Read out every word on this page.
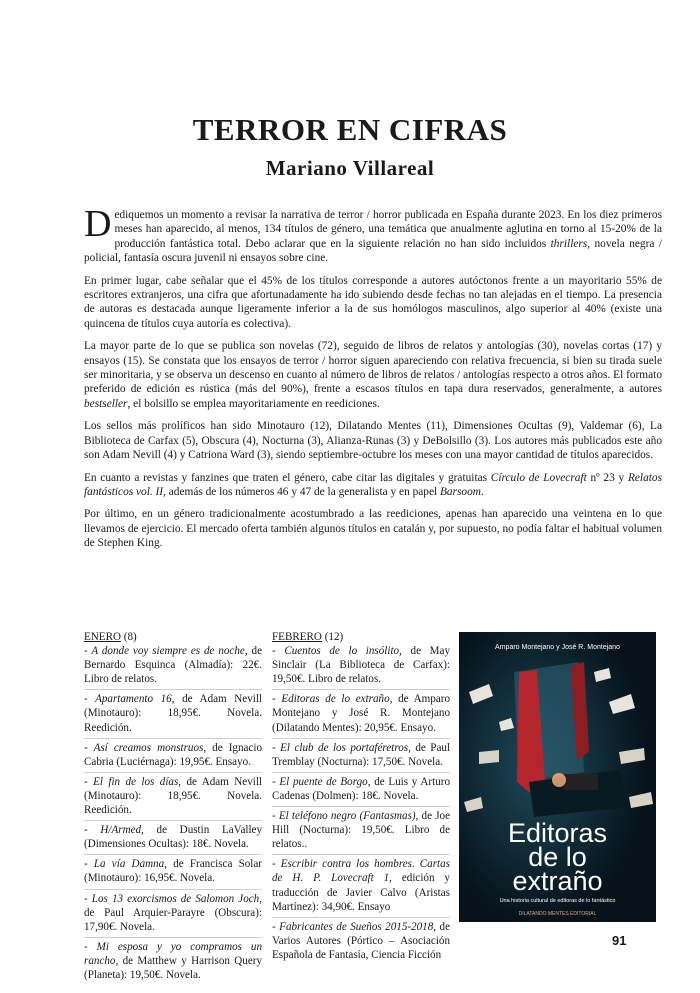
TERROR EN CIFRAS
Mariano Villareal

D ediquemos un momento a revisar la narrativa de terror / horror publicada en España durante 2023. En los diez primeros meses han aparecido, al menos, 134 títulos de género, una temática que anualmente aglutina en torno al 15-20% de la producción fantástica total. Debo aclarar que en la siguiente relación no han sido incluidos thrillers, novela negra / policial, fantasía oscura juvenil ni ensayos sobre cine.

En primer lugar, cabe señalar que el 45% de los títulos corresponde a autores autóctonos frente a un mayoritario 55% de escritores extranjeros, una cifra que afortunadamente ha ido subiendo desde fechas no tan alejadas en el tiempo. La presencia de autoras es destacada aunque ligeramente inferior a la de sus homólogos masculinos, algo superior al 40% (existe una quincena de títulos cuya autoría es colectiva).

La mayor parte de lo que se publica son novelas (72), seguido de libros de relatos y antologías (30), novelas cortas (17) y ensayos (15). Se constata que los ensayos de terror / horror siguen apareciendo con relativa frecuencia, si bien su tirada suele ser minoritaria, y se observa un descenso en cuanto al número de libros de relatos / antologías respecto a otros años. El formato preferido de edición es rústica (más del 90%), frente a escasos títulos en tapa dura reservados, generalmente, a autores bestseller, el bolsillo se emplea mayoritariamente en reediciones.

Los sellos más prolíficos han sido Minotauro (12), Dilatando Mentes (11), Dimensiones Ocultas (9), Valdemar (6), La Biblioteca de Carfax (5), Obscura (4), Nocturna (3), Alianza-Runas (3) y DeBolsillo (3). Los autores más publicados este año son Adam Nevill (4) y Catriona Ward (3), siendo septiembre-octubre los meses con una mayor cantidad de títulos aparecidos.

En cuanto a revistas y fanzines que traten el género, cabe citar las digitales y gratuitas Círculo de Lovecraft nº 23 y Relatos fantásticos vol. II, además de los números 46 y 47 de la generalista y en papel Barsoom.

Por último, en un género tradicionalmente acostumbrado a las reediciones, apenas han aparecido una veintena en lo que llevamos de ejercicio. El mercado oferta también algunos títulos en catalán y, por supuesto, no podía faltar el habitual volumen de Stephen King.

ENERO (8)
- A donde voy siempre es de noche, de Bernardo Esquinca (Almadía): 22€. Libro de relatos.
- Apartamento 16, de Adam Nevill (Minotauro): 18,95€. Novela. Reedición.
- Así creamos monstruos, de Ignacio Cabria (Luciérnaga): 19,95€. Ensayo.
- El fin de los días, de Adam Nevill (Minotauro): 18,95€. Novela. Reedición.
- H/Armed, de Dustin LaValley (Dimensiones Ocultas): 18€. Novela.
- La vía Damna, de Francisca Solar (Minotauro): 16,95€. Novela.
- Los 13 exorcismos de Salomon Joch, de Paul Arquier-Parayre (Obscura): 17,90€. Novela.
- Mi esposa y yo compramos un rancho, de Matthew y Harrison Query (Planeta): 19,50€. Novela.
FEBRERO (12)
- Cuentos de lo insólito, de May Sinclair (La Biblioteca de Carfax): 19,50€. Libro de relatos.
- Editoras de lo extraño, de Amparo Montejano y José R. Montejano (Dilatando Mentes): 20,95€. Ensayo.
- El club de los portaféretros, de Paul Tremblay (Nocturna): 17,50€. Novela.
- El puente de Borgo, de Luis y Arturo Cadenas (Dolmen): 18€. Novela.
- El teléfono negro (Fantasmas), de Joe Hill (Nocturna): 19,50€. Libro de relatos..
- Escribir contra los hombres. Cartas de H. P. Lovecraft 1, edición y traducción de Javier Calvo (Aristas Martínez): 34,90€. Ensayo
- Fabricantes de Sueños 2015-2018, de Varios Autores (Pórtico – Asociación Española de Fantasía, Ciencia Ficción
Amparo Montejano y José R. Montejano
Editoras
de lo
extraño
Una historia cultural de editoras de lo fantástico
DILATANDO MENTES EDITORIAL
91
